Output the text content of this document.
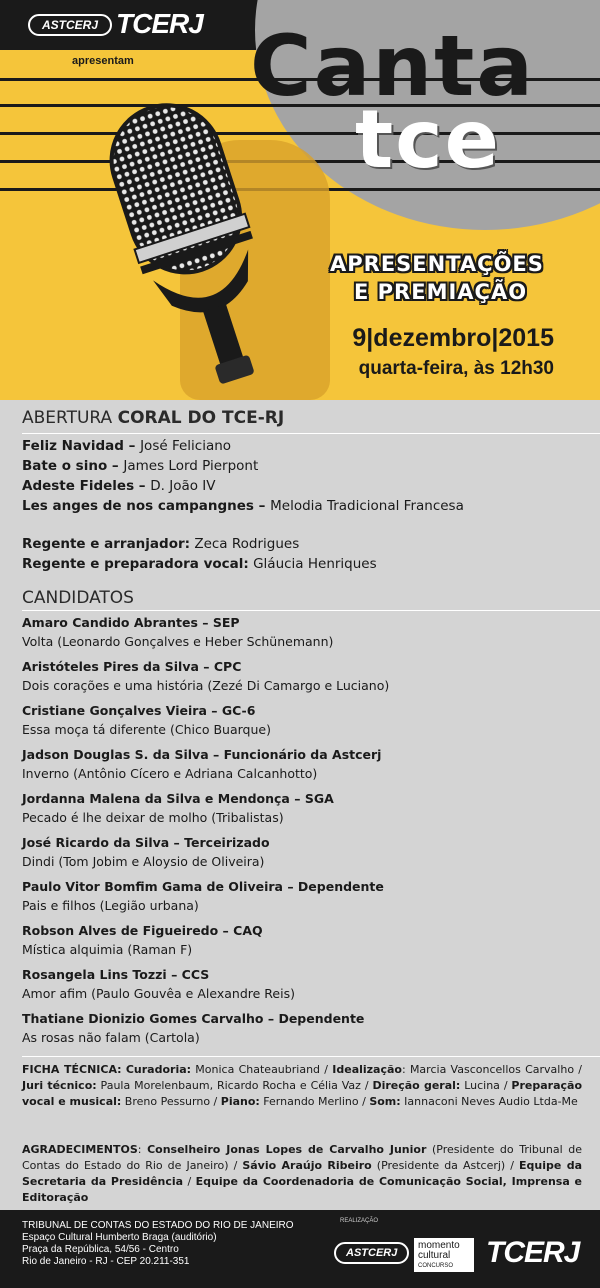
ASTCERJ TCERJ
apresentam Canta
tce
APRESENTAÇÕES
E PREMIAÇÃO
9|dezembro|2015
quarta-feira, às 12h30
ABERTURA CORAL DO TCE-RJ
Feliz Navidad – José Feliciano
Bate o sino – James Lord Pierpont
Adeste Fideles – D. João IV
Les anges de nos campangnes – Melodia Tradicional Francesa
Regente e arranjador: Zeca Rodrigues
Regente e preparadora vocal: Gláucia Henriques
CANDIDATOS
Amaro Candido Abrantes – SEP
Volta (Leonardo Gonçalves e Heber Schünemann)
Aristóteles Pires da Silva – CPC
Dois corações e uma história (Zezé Di Camargo e Luciano)
Cristiane Gonçalves Vieira – GC-6
Essa moça tá diferente (Chico Buarque)
Jadson Douglas S. da Silva – Funcionário da Astcerj
Inverno (Antônio Cícero e Adriana Calcanhotto)
Jordanna Malena da Silva e Mendonça – SGA
Pecado é lhe deixar de molho (Tribalistas)
José Ricardo da Silva – Terceirizado
Dindi (Tom Jobim e Aloysio de Oliveira)
Paulo Vitor Bomfim Gama de Oliveira – Dependente
Pais e filhos (Legião urbana)
Robson Alves de Figueiredo – CAQ
Mística alquimia (Raman F)
Rosangela Lins Tozzi – CCS
Amor afim (Paulo Gouvêa e Alexandre Reis)
Thatiane Dionizio Gomes Carvalho – Dependente
As rosas não falam (Cartola)
FICHA TÉCNICA: Curadoria: Monica Chateaubriand / Idealização: Marcia Vasconcellos Carvalho / Juri técnico: Paula Morelenbaum, Ricardo Rocha e Célia Vaz / Direção geral: Lucina / Preparação vocal e musical: Breno Pessurno / Piano: Fernando Merlino / Som: Iannaconi Neves Audio Ltda-Me
AGRADECIMENTOS: Conselheiro Jonas Lopes de Carvalho Junior (Presidente do Tribunal de Contas do Estado do Rio de Janeiro) / Sávio Araújo Ribeiro (Presidente da Astcerj) / Equipe da Secretaria da Presidência / Equipe da Coordenadoria de Comunicação Social, Imprensa e Editoração
TRIBUNAL DE CONTAS DO ESTADO DO RIO DE JANEIRO
Espaço Cultural Humberto Braga (auditório)
Praça da República, 54/56 - Centro
Rio de Janeiro - RJ - CEP 20.211-351
REALIZAÇÃO
ASTCERJ
momento
cultural
CONCURSO	TCERJ
